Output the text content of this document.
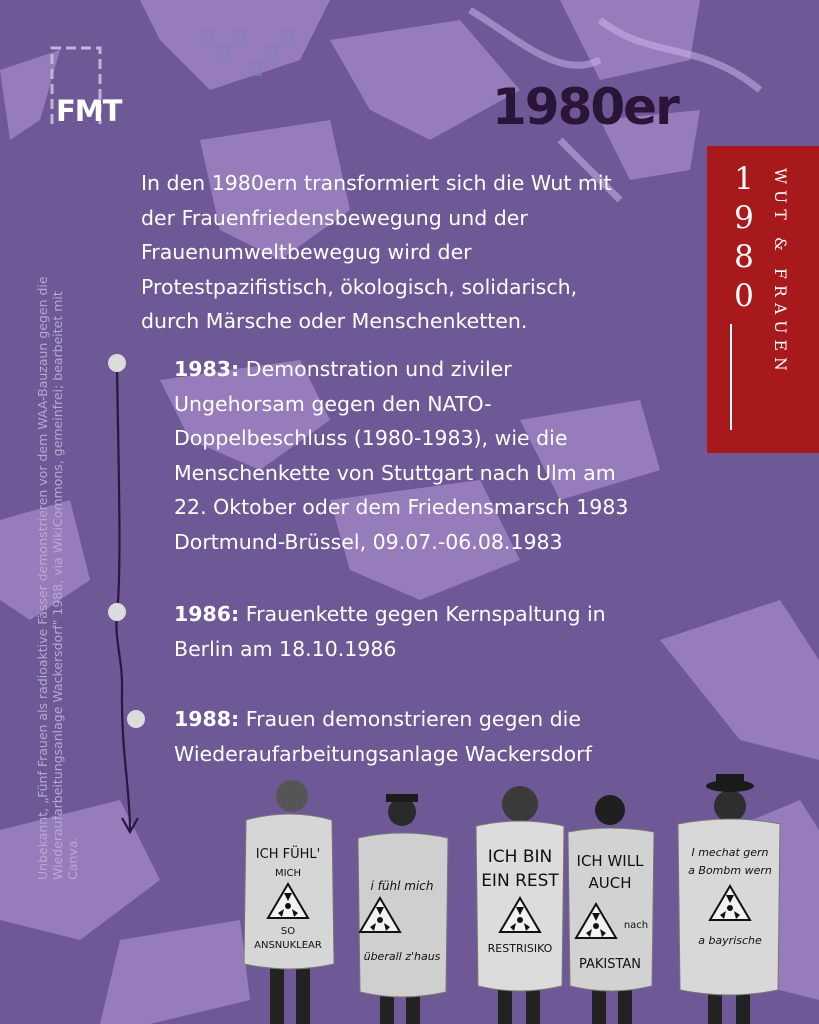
FMT	1980er

Unbekannt, „Fünf Frauen als radioaktive Fässer demonstrieren vor dem WAA-Bauzaun gegen die Wiederaufarbeitungsanlage Wackersdorf" 1988, via WikiCommons, gemeinfrei; bearbeitet mit Canva.

In den 1980ern transformiert sich die Wut mit
der Frauenfriedensbewegung und der
Frauenumweltbewegug wird der
Protestpazifistisch, ökologisch, solidarisch,
durch Märsche oder Menschenketten.

1983: Demonstration und ziviler
Ungehorsam gegen den NATO-
Doppelbeschluss (1980-1983), wie die
Menschenkette von Stuttgart nach Ulm am
22. Oktober oder dem Friedensmarsch 1983
Dortmund-Brüssel, 09.07.-06.08.1983

1986: Frauenkette gegen Kernspaltung in
Berlin am 18.10.1986

1988: Frauen demonstrieren gegen die
Wiederaufarbeitungsanlage Wackersdorf

1
9
8
0	WUT & FRAUEN

ICH FÜHL'
MICH
SO
ANSNUKLEAR
i fühl mich
überall z'haus
ICH BIN
EIN REST
RESTRISIKO
ICH WILL
AUCH
nach
PAKISTAN
I mechat gern
a Bombm wern
a bayrische
